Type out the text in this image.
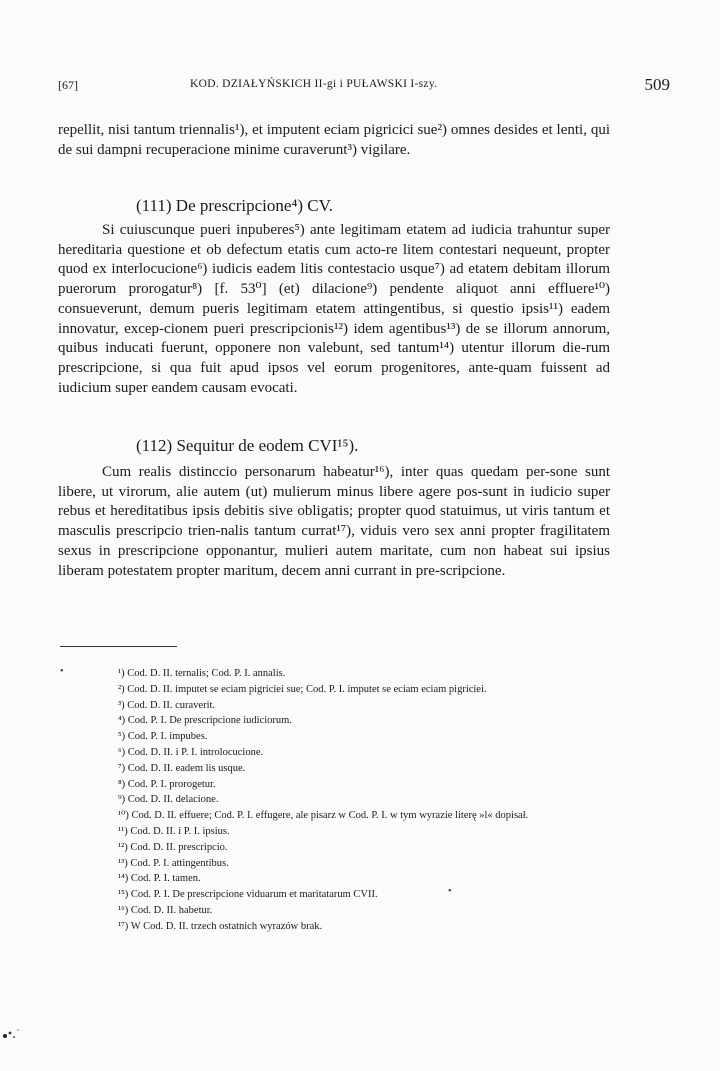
[67]	KOD. DZIAŁYŃSKICH II-gi i PUŁAWSKI I-szy.	509

repellit, nisi tantum triennalis¹), et imputent eciam pigricici sue²) omnes desides et lenti, qui de sui dampni recuperacione minime curaverunt³) vigilare.

(111) De prescripcione⁴) CV.

Si cuiuscunque pueri inpuberes⁵) ante legitimam etatem ad iudicia trahuntur super hereditaria questione et ob defectum etatis cum acto-re litem contestari nequeunt, propter quod ex interlocucione⁶) iudicis eadem litis contestacio usque⁷) ad etatem debitam illorum puerorum prorogatur⁸) [f. 53⁰] (et) dilacione⁹) pendente aliquot anni effluere¹⁰) consueverunt, demum pueris legitimam etatem attingentibus, si questio ipsis¹¹) eadem innovatur, excep-cionem pueri prescripcionis¹²) idem agentibus¹³) de se illorum annorum, quibus inducati fuerunt, opponere non valebunt, sed tantum¹⁴) utentur illorum die-rum prescripcione, si qua fuit apud ipsos vel eorum progenitores, ante-quam fuissent ad iudicium super eandem causam evocati.

(112) Sequitur de eodem CVI¹⁵).

Cum realis distinccio personarum habeatur¹⁶), inter quas quedam per-sone sunt libere, ut virorum, alie autem (ut) mulierum minus libere agere pos-sunt in iudicio super rebus et hereditatibus ipsis debitis sive obligatis; propter quod statuimus, ut viris tantum et masculis prescripcio trien-nalis tantum currat¹⁷), viduis vero sex anni propter fragilitatem sexus in prescripcione opponantur, mulieri autem maritate, cum non habeat sui ipsius liberam potestatem propter maritum, decem anni currant in pre-scripcione.

¹) Cod. D. II. ternalis; Cod. P. I. annalis.

²) Cod. D. II. imputet se eciam pigriciei sue; Cod. P. I. imputet se eciam eciam pigriciei.

³) Cod. D. II. curaverit.

⁴) Cod. P. I. De prescripcione iudiciorum.

⁵) Cod. P. I. impubes.

⁶) Cod. D. II. i P. I. introlocucione.

⁷) Cod. D. II. eadem lis usque.

⁸) Cod. P. I. prorogetur.

⁹) Cod. D. II. delacione.

¹⁰) Cod. D. II. effuere; Cod. P. I. effugere, ale pisarz w Cod. P. I. w tym wyrazie literę »l« dopisał.

¹¹) Cod. D. II. i P. I. ipsius.

¹²) Cod. D. II. prescripcio.

¹³) Cod. P. I. attingentibus.

¹⁴) Cod. P. I. tamen.

¹⁵) Cod. P. I. De prescripcione viduarum et maritatarum CVII.

¹⁶) Cod. D. II. habetur.

¹⁷) W Cod. D. II. trzech ostatnich wyrazów brak.

•
•
